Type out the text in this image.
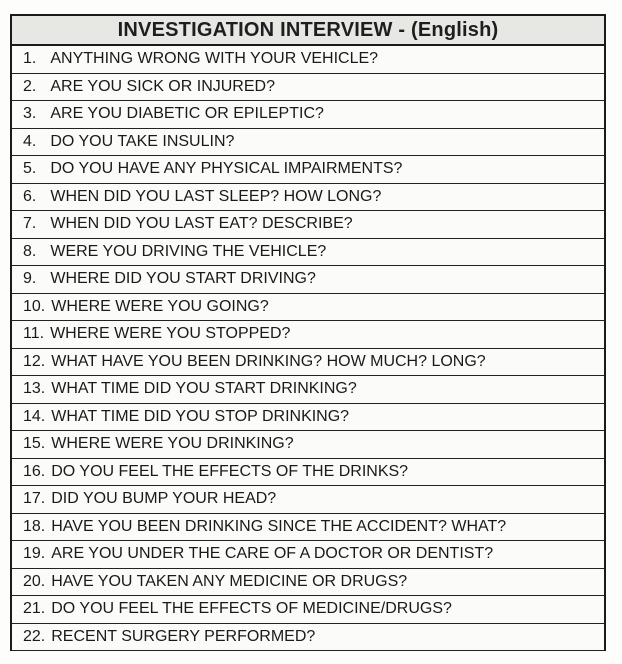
INVESTIGATION INTERVIEW - (English)
1. ANYTHING WRONG WITH YOUR VEHICLE?
2. ARE YOU SICK OR INJURED?
3. ARE YOU DIABETIC OR EPILEPTIC?
4. DO YOU TAKE INSULIN?
5. DO YOU HAVE ANY PHYSICAL IMPAIRMENTS?
6. WHEN DID YOU LAST SLEEP? HOW LONG?
7. WHEN DID YOU LAST EAT? DESCRIBE?
8. WERE YOU DRIVING THE VEHICLE?
9. WHERE DID YOU START DRIVING?
10. WHERE WERE YOU GOING?
11. WHERE WERE YOU STOPPED?
12. WHAT HAVE YOU BEEN DRINKING? HOW MUCH? LONG?
13. WHAT TIME DID YOU START DRINKING?
14. WHAT TIME DID YOU STOP DRINKING?
15. WHERE WERE YOU DRINKING?
16. DO YOU FEEL THE EFFECTS OF THE DRINKS?
17. DID YOU BUMP YOUR HEAD?
18. HAVE YOU BEEN DRINKING SINCE THE ACCIDENT? WHAT?
19. ARE YOU UNDER THE CARE OF A DOCTOR OR DENTIST?
20. HAVE YOU TAKEN ANY MEDICINE OR DRUGS?
21. DO YOU FEEL THE EFFECTS OF MEDICINE/DRUGS?
22. RECENT SURGERY PERFORMED?
